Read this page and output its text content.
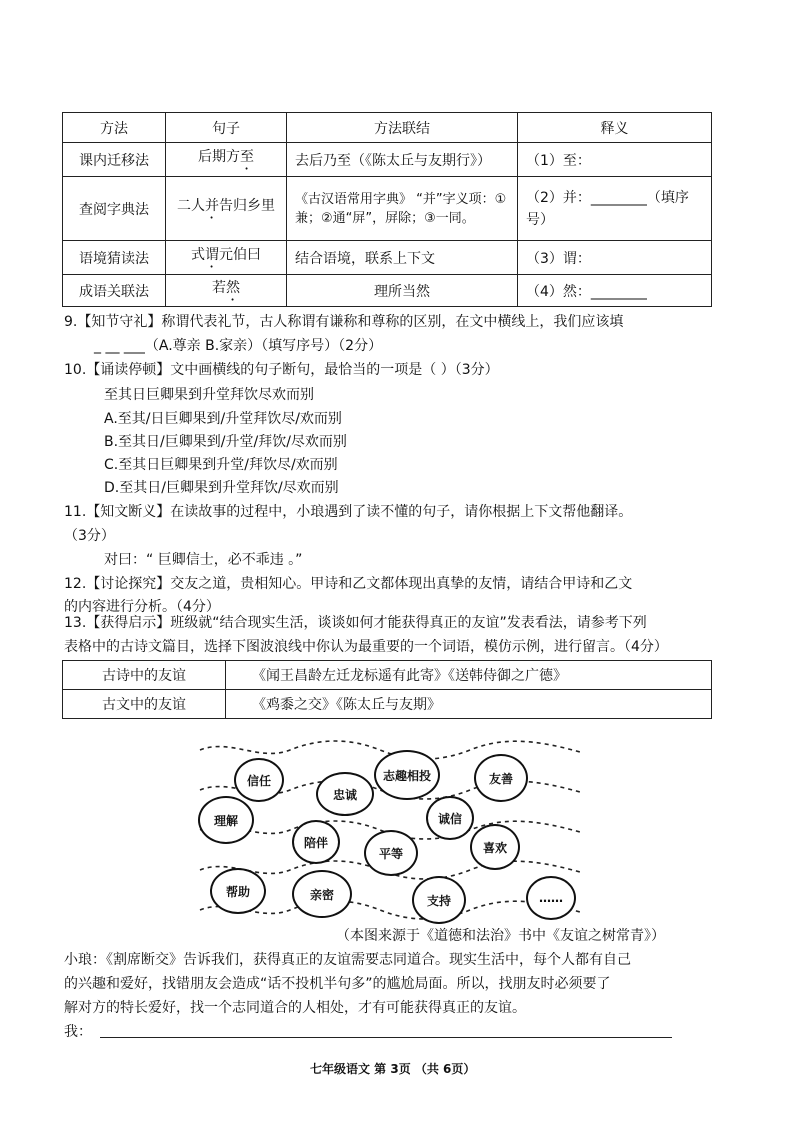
方法	句子	方法联结	释义
课内迁移法	后期方至	去后乃至（《陈太丘与友期行》）	（1）至：
查阅字典法	二人并告归乡里	《古汉语常用字典》 “并”字义项：①兼；②通“屏”，屏除；③一同。	（2）并：________（填序号）
语境猜读法	式谓元伯曰	结合语境，联系上下文	（3）谓：
成语关联法	若然	理所当然	（4）然：________
9.【知节守礼】称谓代表礼节，古人称谓有谦称和尊称的区别，在文中横线上，我们应该填
_ __ ___（A.尊亲 B.家亲）（填写序号）（2分）
10.【诵读停顿】文中画横线的句子断句，最恰当的一项是（ ）（3分）
至其日巨卿果到升堂拜饮尽欢而别
A.至其/日巨卿果到/升堂拜饮尽/欢而别
B.至其日/巨卿果到/升堂/拜饮/尽欢而别
C.至其日巨卿果到升堂/拜饮尽/欢而别
D.至其日/巨卿果到升堂拜饮/尽欢而别
11.【知文断义】在读故事的过程中，小琅遇到了读不懂的句子，请你根据上下文帮他翻译。
（3分）
对曰：“ 巨卿信士，必不乖违 。”
12.【讨论探究】交友之道，贵相知心。甲诗和乙文都体现出真挚的友情，请结合甲诗和乙文
的内容进行分析。（4分）
13.【获得启示】班级就“结合现实生活，谈谈如何才能获得真正的友谊”发表看法，请参考下列
表格中的古诗文篇目，选择下图波浪线中你认为最重要的一个词语，模仿示例，进行留言。（4分）
古诗中的友谊	《闻王昌龄左迁龙标遥有此寄》《送韩侍御之广德》
古文中的友谊	《鸡黍之交》《陈太丘与友期》
信任	志趣相投	友善
忠诚
理解	诚信
陪伴
平等	喜欢
帮助	亲密	支持	……
（本图来源于《道德和法治》书中《友谊之树常青》）
小琅：《割席断交》告诉我们，获得真正的友谊需要志同道合。现实生活中，每个人都有自己
的兴趣和爱好，找错朋友会造成“话不投机半句多”的尴尬局面。所以，找朋友时必须要了
解对方的特长爱好，找一个志同道合的人相处，才有可能获得真正的友谊。
我：
七年级语文 第 3页 （共 6页）
